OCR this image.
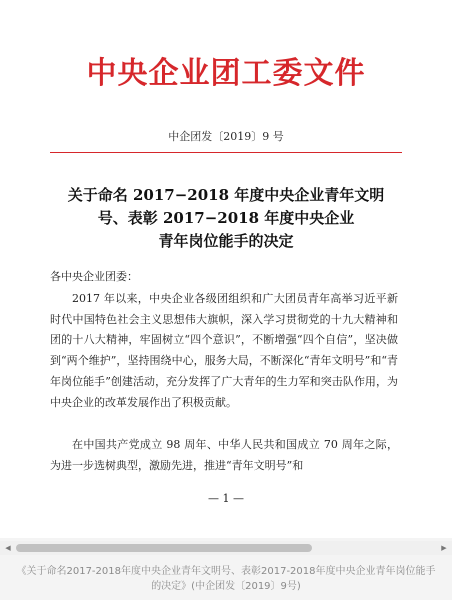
中央企业团工委文件
中企团发〔2019〕9 号
关于命名 2017−2018 年度中央企业青年文明
号、表彰 2017−2018 年度中央企业
青年岗位能手的决定
各中央企业团委：

2017 年以来，中央企业各级团组织和广大团员青年高举习近平新时代中国特色社会主义思想伟大旗帜，深入学习贯彻党的十九大精神和团的十八大精神，牢固树立“四个意识”，不断增强“四个自信”，坚决做到“两个维护”，坚持围绕中心，服务大局，不断深化“青年文明号”和“青年岗位能手”创建活动，充分发挥了广大青年的生力军和突击队作用，为中央企业的改革发展作出了积极贡献。

在中国共产党成立 98 周年、中华人民共和国成立 70 周年之际，为进一步选树典型，激励先进，推进“青年文明号”和

— 1 —
◀	▶
《关于命名2017-2018年度中央企业青年文明号、表彰2017-2018年度中央企业青年岗位能手的决定》(中企团发〔2019〕9号)
